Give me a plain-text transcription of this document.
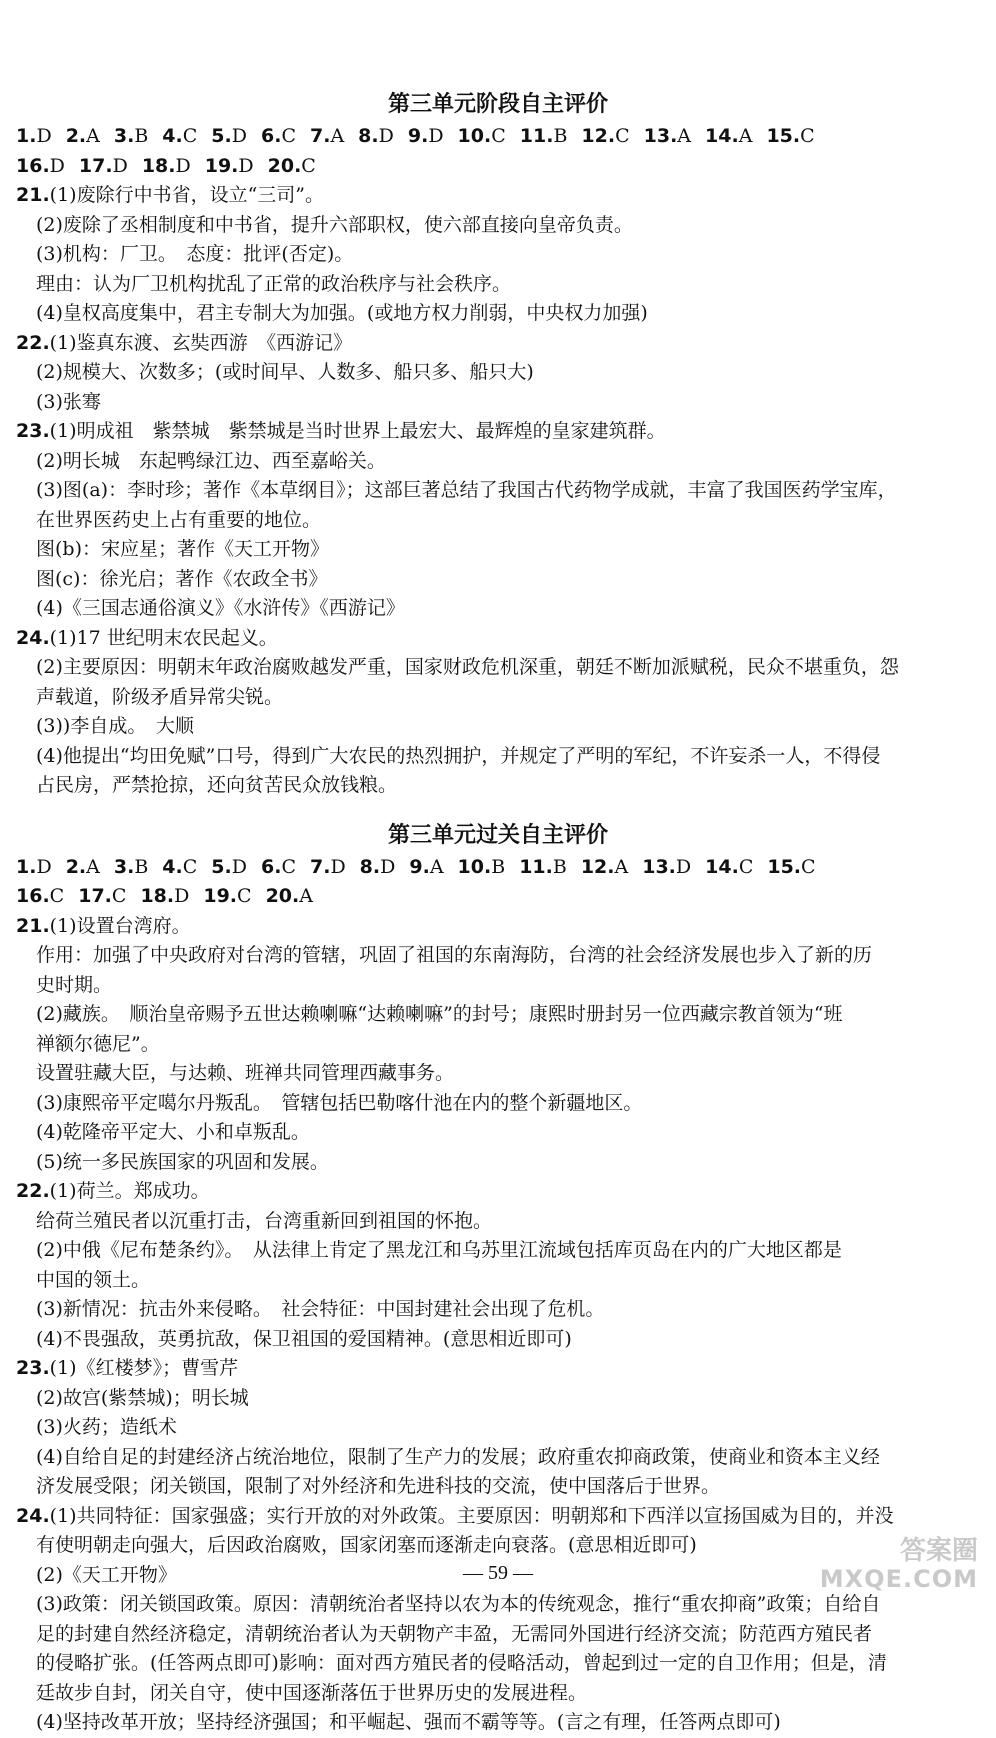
第三单元阶段自主评价
1.D 2.A 3.B 4.C 5.D 6.C 7.A 8.D 9.D 10.C 11.B 12.C 13.A 14.A 15.C
16.D 17.D 18.D 19.D 20.C
21.(1)废除行中书省，设立“三司”。
(2)废除了丞相制度和中书省，提升六部职权，使六部直接向皇帝负责。
(3)机构：厂卫。　态度：批评(否定)。
理由：认为厂卫机构扰乱了正常的政治秩序与社会秩序。
(4)皇权高度集中，君主专制大为加强。(或地方权力削弱，中央权力加强)
22.(1)鉴真东渡、玄奘西游　《西游记》
(2)规模大、次数多；(或时间早、人数多、船只多、船只大)
(3)张骞
23.(1)明成祖　紫禁城　紫禁城是当时世界上最宏大、最辉煌的皇家建筑群。
(2)明长城　东起鸭绿江边、西至嘉峪关。
(3)图(a)：李时珍；著作《本草纲目》；这部巨著总结了我国古代药物学成就，丰富了我国医药学宝库，
在世界医药史上占有重要的地位。
图(b)：宋应星；著作《天工开物》
图(c)：徐光启；著作《农政全书》
(4)《三国志通俗演义》《水浒传》《西游记》
24.(1)17 世纪明末农民起义。
(2)主要原因：明朝末年政治腐败越发严重，国家财政危机深重，朝廷不断加派赋税，民众不堪重负，怨
声载道，阶级矛盾异常尖锐。
(3))李自成。　大顺
(4)他提出“均田免赋”口号，得到广大农民的热烈拥护，并规定了严明的军纪，不许妄杀一人，不得侵
占民房，严禁抢掠，还向贫苦民众放钱粮。
第三单元过关自主评价
1.D 2.A 3.B 4.C 5.D 6.C 7.D 8.D 9.A 10.B 11.B 12.A 13.D 14.C 15.C
16.C 17.C 18.D 19.C 20.A
21.(1)设置台湾府。
作用：加强了中央政府对台湾的管辖，巩固了祖国的东南海防，台湾的社会经济发展也步入了新的历
史时期。
(2)藏族。　顺治皇帝赐予五世达赖喇嘛“达赖喇嘛”的封号；康熙时册封另一位西藏宗教首领为“班
禅额尔德尼”。
设置驻藏大臣，与达赖、班禅共同管理西藏事务。
(3)康熙帝平定噶尔丹叛乱。　管辖包括巴勒喀什池在内的整个新疆地区。
(4)乾隆帝平定大、小和卓叛乱。
(5)统一多民族国家的巩固和发展。
22.(1)荷兰。郑成功。
给荷兰殖民者以沉重打击，台湾重新回到祖国的怀抱。
(2)中俄《尼布楚条约》。　从法律上肯定了黑龙江和乌苏里江流域包括库页岛在内的广大地区都是
中国的领土。
(3)新情况：抗击外来侵略。　社会特征：中国封建社会出现了危机。
(4)不畏强敌，英勇抗敌，保卫祖国的爱国精神。(意思相近即可)
23.(1)《红楼梦》；曹雪芹
(2)故宫(紫禁城)；明长城
(3)火药；造纸术
(4)自给自足的封建经济占统治地位，限制了生产力的发展；政府重农抑商政策，使商业和资本主义经
济发展受限；闭关锁国，限制了对外经济和先进科技的交流，使中国落后于世界。
24.(1)共同特征：国家强盛；实行开放的对外政策。主要原因：明朝郑和下西洋以宣扬国威为目的，并没
有使明朝走向强大，后因政治腐败，国家闭塞而逐渐走向衰落。(意思相近即可)
(2)《天工开物》
(3)政策：闭关锁国政策。原因：清朝统治者坚持以农为本的传统观念，推行“重农抑商”政策；自给自
足的封建自然经济稳定，清朝统治者认为天朝物产丰盈，无需同外国进行经济交流；防范西方殖民者
的侵略扩张。(任答两点即可)影响：面对西方殖民者的侵略活动，曾起到过一定的自卫作用；但是，清
廷故步自封，闭关自守，使中国逐渐落伍于世界历史的发展进程。
(4)坚持改革开放；坚持经济强国；和平崛起、强而不霸等等。(言之有理，任答两点即可)
— 59 —
答案圈
MXQE.COM
